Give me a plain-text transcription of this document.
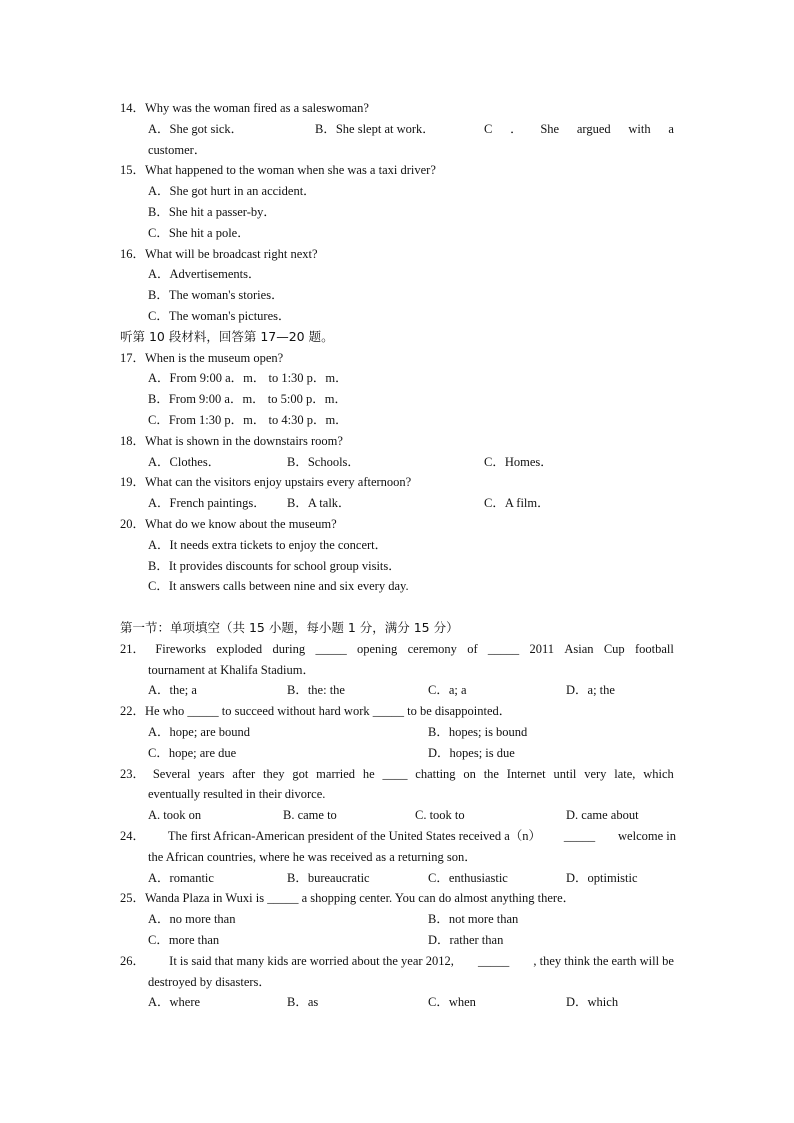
14．Why was the woman fired as a saleswoman?
A．She got sick．	B．She slept at work．	C ． She argued with a
customer．
15．What happened to the woman when she was a taxi driver?
A．She got hurt in an accident．
B．She hit a passer-by．
C．She hit a pole．
16．What will be broadcast right next?
A．Advertisements．
B．The woman's stories．
C．The woman's pictures．
听第 10 段材料，回答第 17—20 题。
17．When is the museum open?
A．From 9:00 a．m． to 1:30 p．m．
B．From 9:00 a．m． to 5:00 p．m．
C．From 1:30 p．m． to 4:30 p．m．
18．What is shown in the downstairs room?
A．Clothes．	B．Schools．	C．Homes．
19．What can the visitors enjoy upstairs every afternoon?
A．French paintings． B．A talk．	C．A film．
20．What do we know about the museum?
A．It needs extra tickets to enjoy the concert．
B．It provides discounts for school group visits．
C．It answers calls between nine and six every day.
第一节：单项填空（共 15 小题，每小题 1 分，满分 15 分）
21． Fireworks exploded during _____ opening ceremony of _____ 2011 Asian Cup football
tournament at Khalifa Stadium．
A．the; a	B．the: the	C．a; a	D．a; the
22．He who _____ to succeed without hard work _____ to be disappointed．
A．hope; are bound	B．hopes; is bound
C．hope; are due	D．hopes; is due
23． Several years after they got married he ____ chatting on the Internet until very late, which
eventually resulted in their divorce.
A. took on	B. came to	C. took to	D. came about
24． The first African-American president of the United States received a（n） _____ welcome in
the African countries, where he was received as a returning son．
A．romantic	B．bureaucratic	C．enthusiastic	D．optimistic
25．Wanda Plaza in Wuxi is _____ a shopping center. You can do almost anything there．
A．no more than	B．not more than
C．more than	D．rather than
26． It is said that many kids are worried about the year 2012, _____ , they think the earth will be
destroyed by disasters．
A．where	B．as	C．when	D．which
